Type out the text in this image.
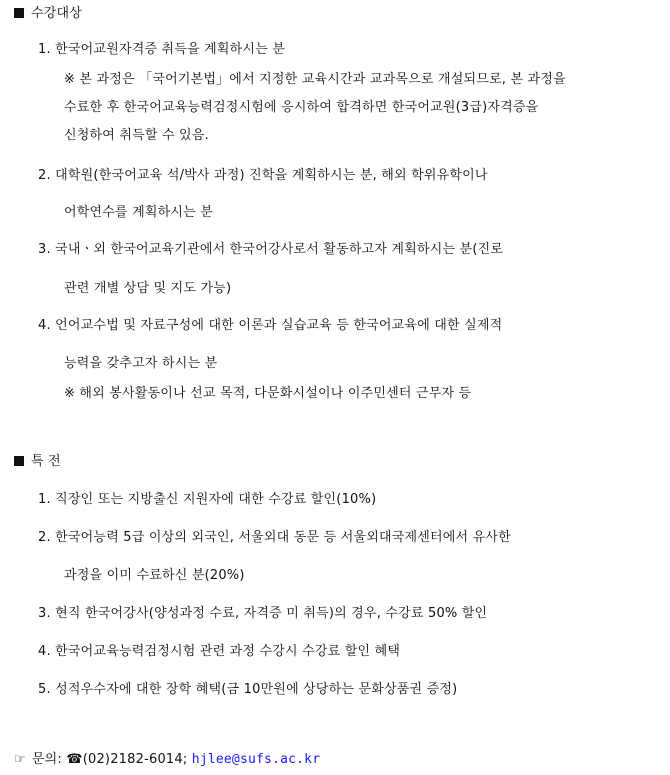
수강대상
1. 한국어교원자격증 취득을 계획하시는 분
※ 본 과정은 「국어기본법」에서 지정한 교육시간과 교과목으로 개설되므로, 본 과정을
수료한 후 한국어교육능력검정시험에 응시하여 합격하면 한국어교원(3급)자격증을
신청하여 취득할 수 있음.
2. 대학원(한국어교육 석/박사 과정) 진학을 계획하시는 분, 해외 학위유학이나
어학연수를 계획하시는 분
3. 국내ㆍ외 한국어교육기관에서 한국어강사로서 활동하고자 계획하시는 분(진로
관련 개별 상담 및 지도 가능)
4. 언어교수법 및 자료구성에 대한 이론과 실습교육 등 한국어교육에 대한 실제적
능력을 갖추고자 하시는 분
※ 해외 봉사활동이나 선교 목적, 다문화시설이나 이주민센터 근무자 등
특 전
1. 직장인 또는 지방출신 지원자에 대한 수강료 할인(10%)
2. 한국어능력 5급 이상의 외국인, 서울외대 동문 등 서울외대국제센터에서 유사한
과정을 이미 수료하신 분(20%)
3. 현직 한국어강사(양성과정 수료, 자격증 미 취득)의 경우, 수강료 50% 할인
4. 한국어교육능력검정시험 관련 과정 수강시 수강료 할인 혜택
5. 성적우수자에 대한 장학 혜택(금 10만원에 상당하는 문화상품권 증정)
☞ 문의: ☎(02)2182-6014; hjlee@sufs.ac.kr
